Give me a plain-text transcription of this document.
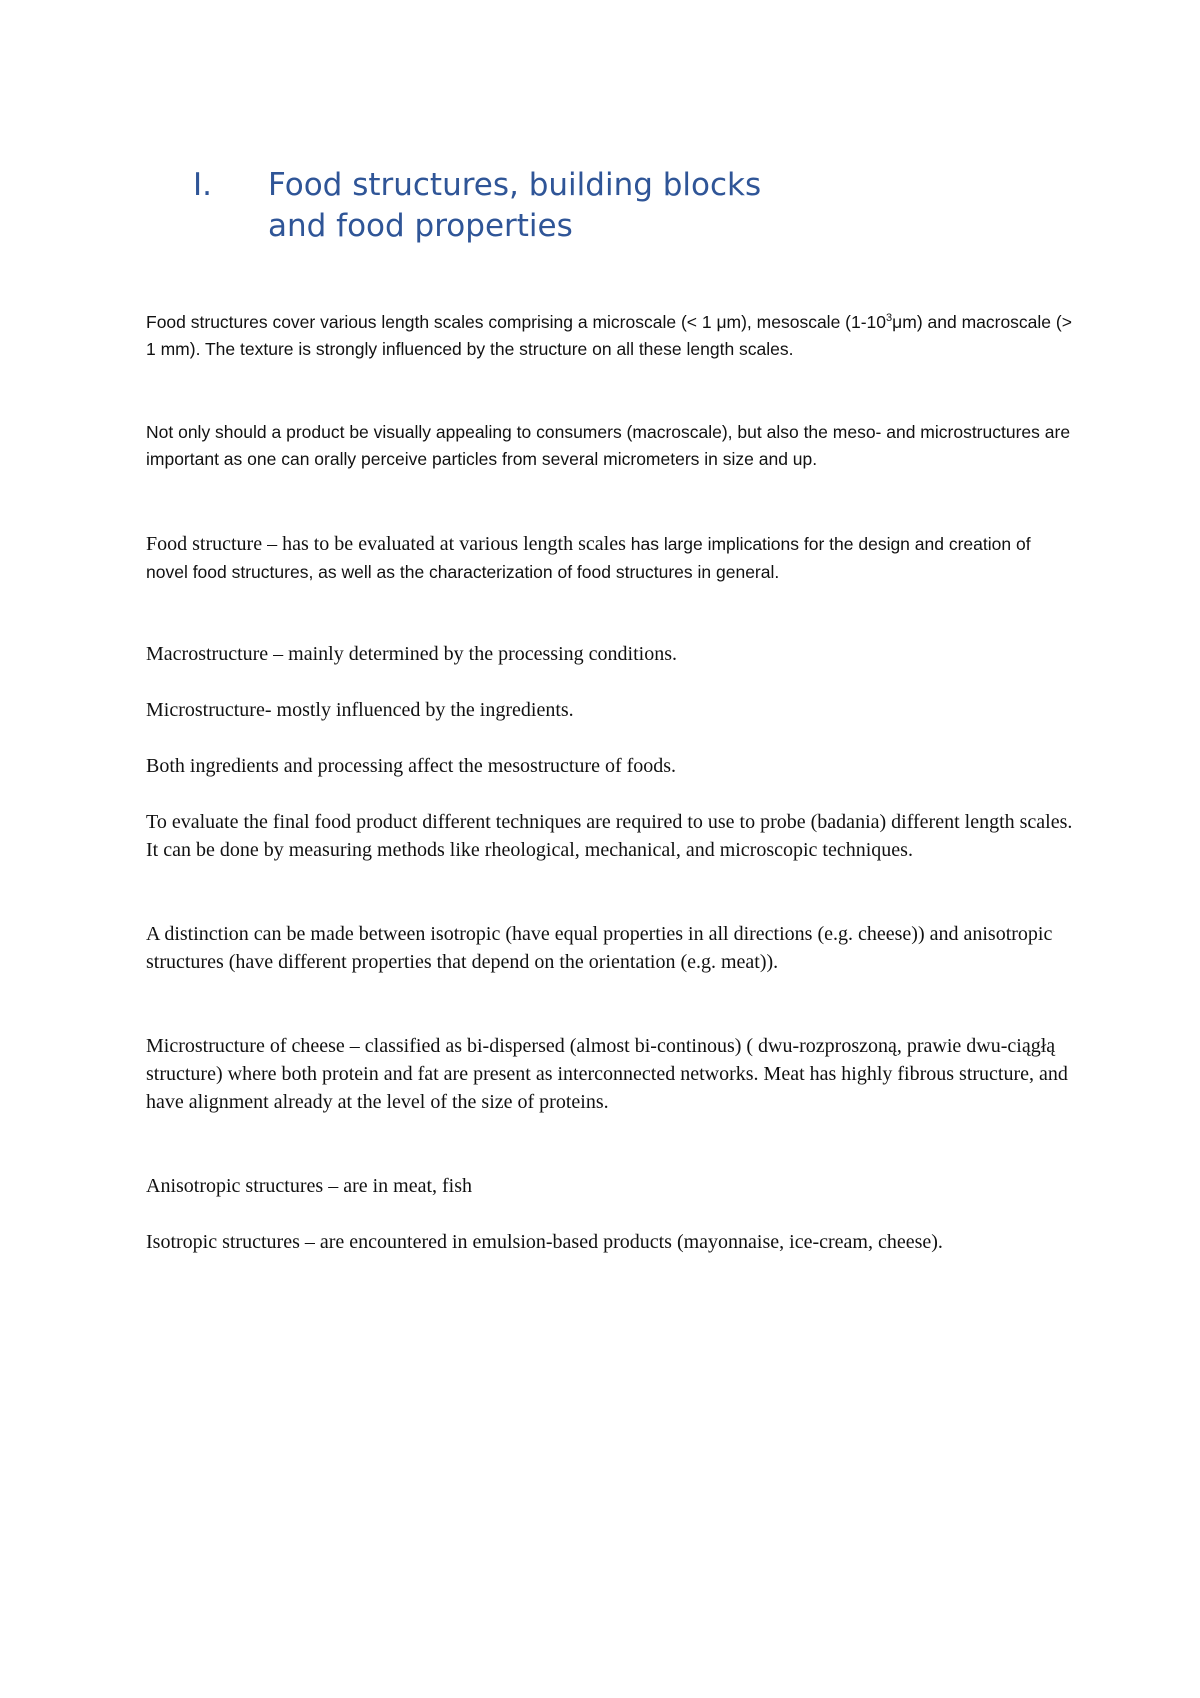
I. Food structures, building blocks
and food properties

Food structures cover various length scales comprising a microscale (< 1 μm), mesoscale $(1-10^3\mu m)$ and macroscale (> 1 mm). The texture is strongly influenced by the structure on all these length scales.

Not only should a product be visually appealing to consumers (macroscale), but also the meso- and microstructures are important as one can orally perceive particles from several micrometers in size and up.

Food structure – has to be evaluated at various length scales has large implications for the design and creation of novel food structures, as well as the characterization of food structures in general.

Macrostructure – mainly determined by the processing conditions.

Microstructure- mostly influenced by the ingredients.

Both ingredients and processing affect the mesostructure of foods.

To evaluate the final food product different techniques are required to use to probe (badania) different length scales. It can be done by measuring methods like rheological, mechanical, and microscopic techniques.

A distinction can be made between isotropic (have equal properties in all directions (e.g. cheese)) and anisotropic structures (have different properties that depend on the orientation (e.g. meat)).

Microstructure of cheese – classified as bi-dispersed (almost bi-continous) ( dwu-rozproszoną, prawie dwu-ciągłą structure) where both protein and fat are present as interconnected networks. Meat has highly fibrous structure, and have alignment already at the level of the size of proteins.

Anisotropic structures – are in meat, fish

Isotropic structures – are encountered in emulsion-based products (mayonnaise, ice-cream, cheese).
